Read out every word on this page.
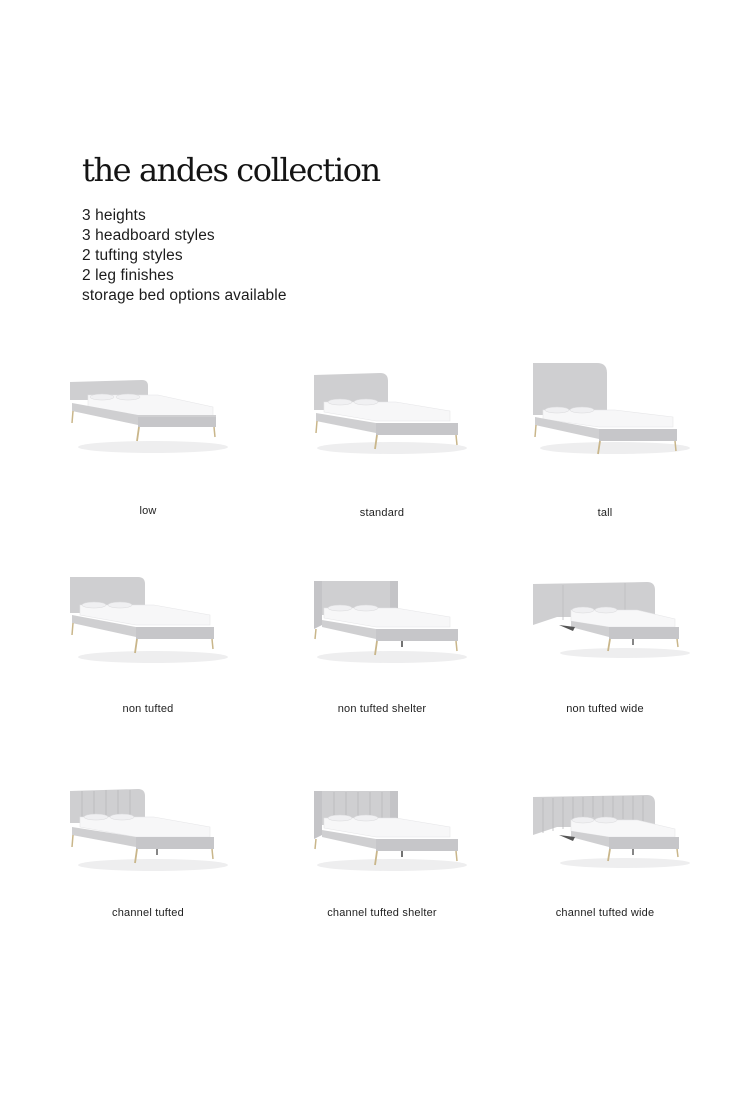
the andes collection
3 heights
3 headboard styles
2 tufting styles
2 leg finishes
storage bed options available
low	standard	tall
non tufted	non tufted shelter	non tufted wide
channel tufted	channel tufted shelter	channel tufted wide
